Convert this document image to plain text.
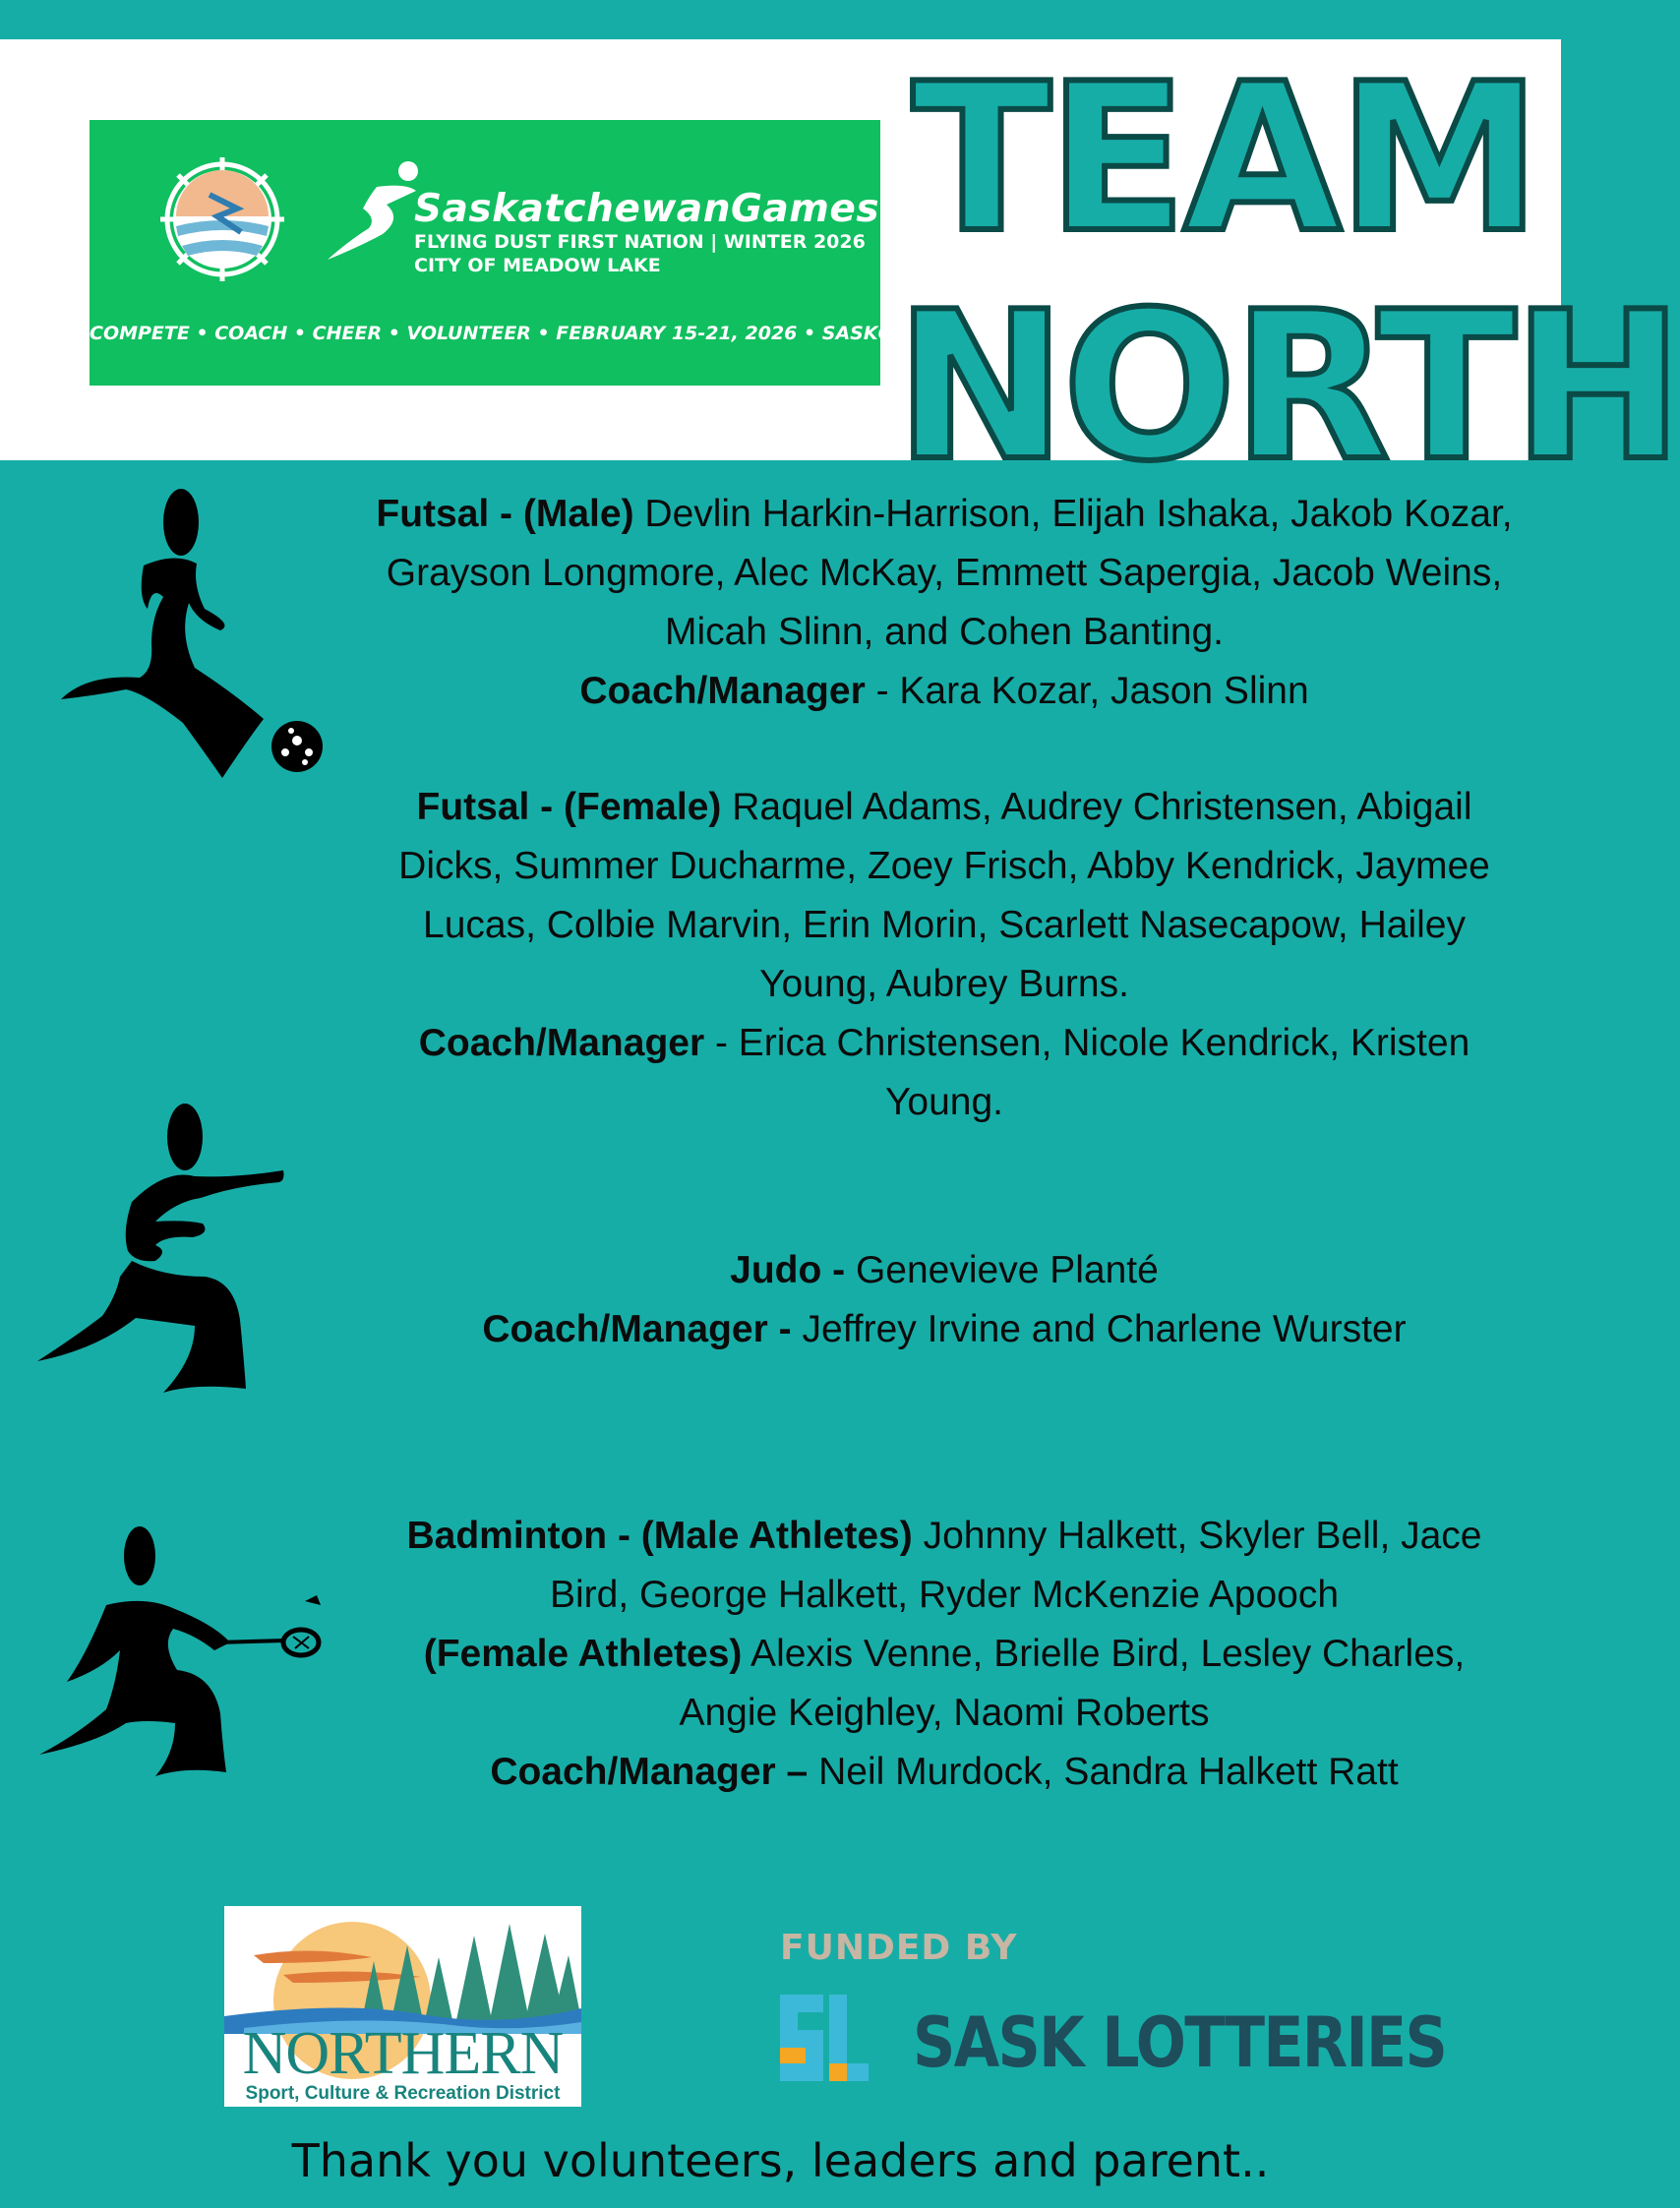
SaskatchewanGames
FLYING DUST FIRST NATION | WINTER 2026
CITY OF MEADOW LAKE
COMPETE • COACH • CHEER • VOLUNTEER • FEBRUARY 15-21, 2026 • SASKGAMES.CA
TEAM
NORTH

Futsal - (Male) Devlin Harkin-Harrison, Elijah Ishaka, Jakob Kozar, Grayson Longmore, Alec McKay, Emmett Sapergia, Jacob Weins, Micah Slinn, and Cohen Banting.

Coach/Manager - Kara Kozar, Jason Slinn

Futsal - (Female) Raquel Adams, Audrey Christensen, Abigail Dicks, Summer Ducharme, Zoey Frisch, Abby Kendrick, Jaymee Lucas, Colbie Marvin, Erin Morin, Scarlett Nasecapow, Hailey Young, Aubrey Burns.

Coach/Manager - Erica Christensen, Nicole Kendrick, Kristen Young.

Judo - Genevieve Planté

Coach/Manager - Jeffrey Irvine and Charlene Wurster

Badminton - (Male Athletes) Johnny Halkett, Skyler Bell, Jace Bird, George Halkett, Ryder McKenzie Apooch

(Female Athletes) Alexis Venne, Brielle Bird, Lesley Charles, Angie Keighley, Naomi Roberts

Coach/Manager – Neil Murdock, Sandra Halkett Ratt

NORTHERN
Sport, Culture & Recreation District
FUNDED BY
SASK LOTTERIES
Thank you volunteers, leaders and parent..
